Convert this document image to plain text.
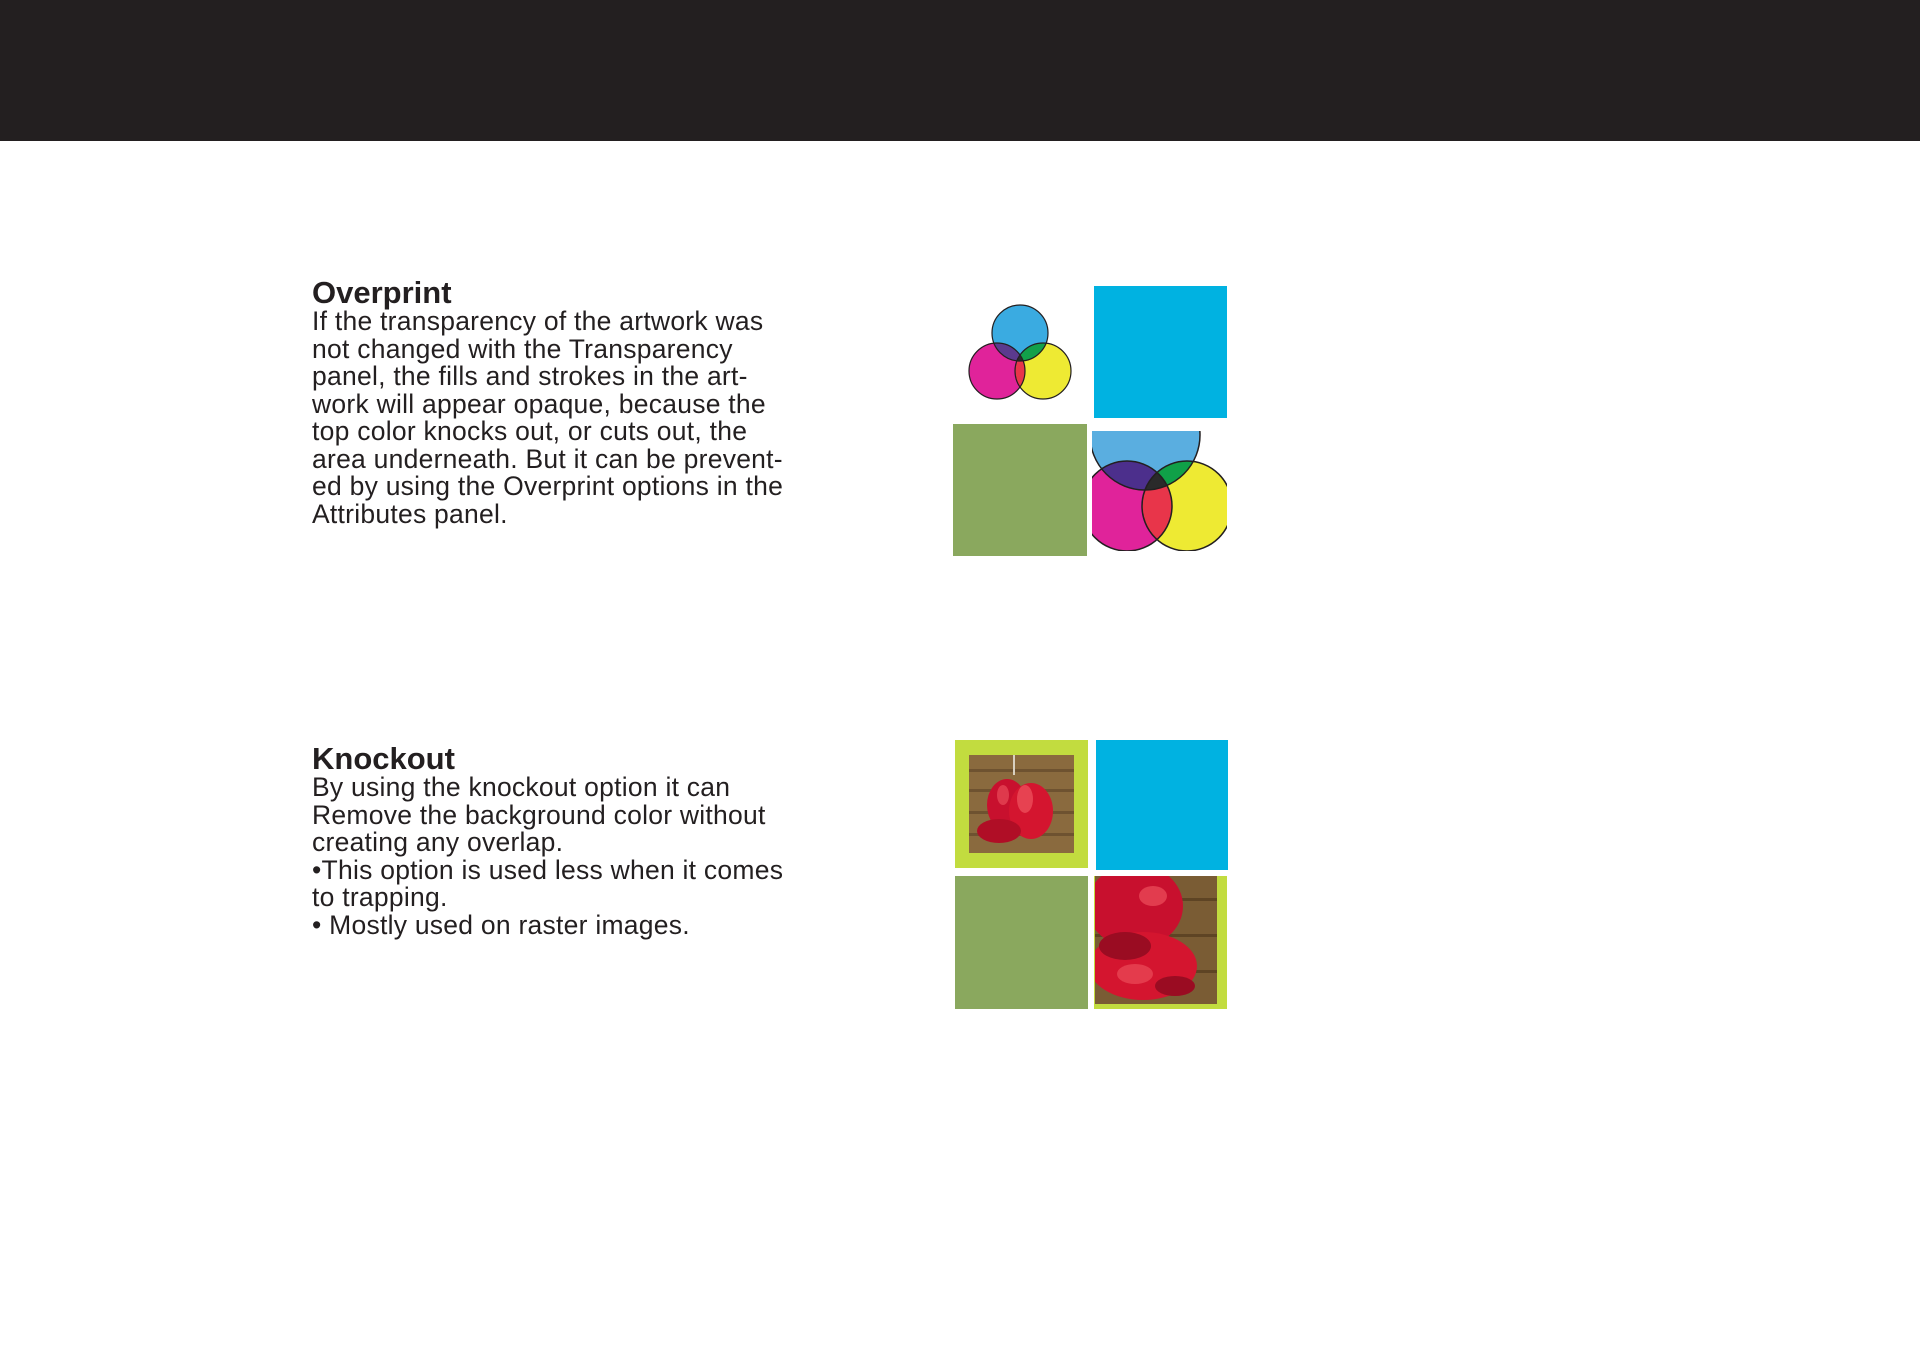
Overprint

If the transparency of the artwork was
not changed with the Transparency
panel, the fills and strokes in the art-
work will appear opaque, because the
top color knocks out, or cuts out, the
area underneath. But it can be prevent-
ed by using the Overprint options in the
Attributes panel.

Knockout

By using the knockout option it can
Remove the background color without
creating any overlap.
•This option is used less when it comes
to trapping.
• Mostly used on raster images.
